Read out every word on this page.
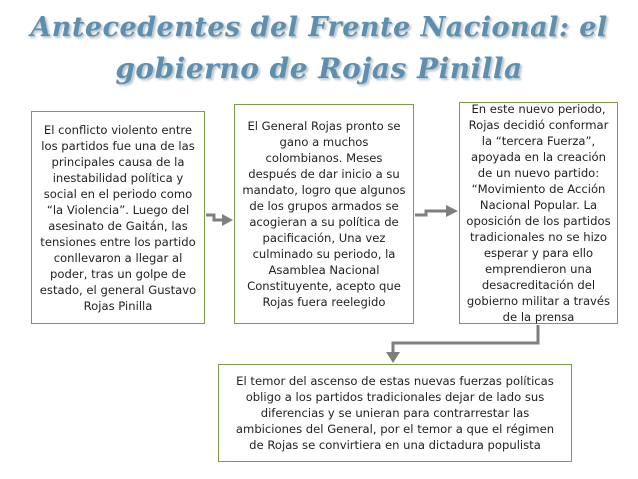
Antecedentes del Frente Nacional: el
gobierno de Rojas Pinilla
El conflicto violento entre los partidos fue una de las principales causa de la inestabilidad política y social en el periodo como “la Violencia”. Luego del asesinato de Gaitán, las tensiones entre los partido conllevaron a llegar al poder, tras un golpe de estado, el general Gustavo Rojas Pinilla
El General Rojas pronto se gano a muchos colombianos. Meses después de dar inicio a su mandato, logro que algunos de los grupos armados se acogieran a su política de pacificación, Una vez culminado su periodo, la Asamblea Nacional Constituyente, acepto que Rojas fuera reelegido
En este nuevo periodo, Rojas decidió conformar la “tercera Fuerza”, apoyada en la creación de un nuevo partido: “Movimiento de Acción Nacional Popular. La oposición de los partidos tradicionales no se hizo esperar y para ello emprendieron una desacreditación del gobierno militar a través de la prensa
El temor del ascenso de estas nuevas fuerzas políticas obligo a los partidos tradicionales dejar de lado sus diferencias y se unieran para contrarrestar las ambiciones del General, por el temor a que el régimen de Rojas se convirtiera en una dictadura populista
